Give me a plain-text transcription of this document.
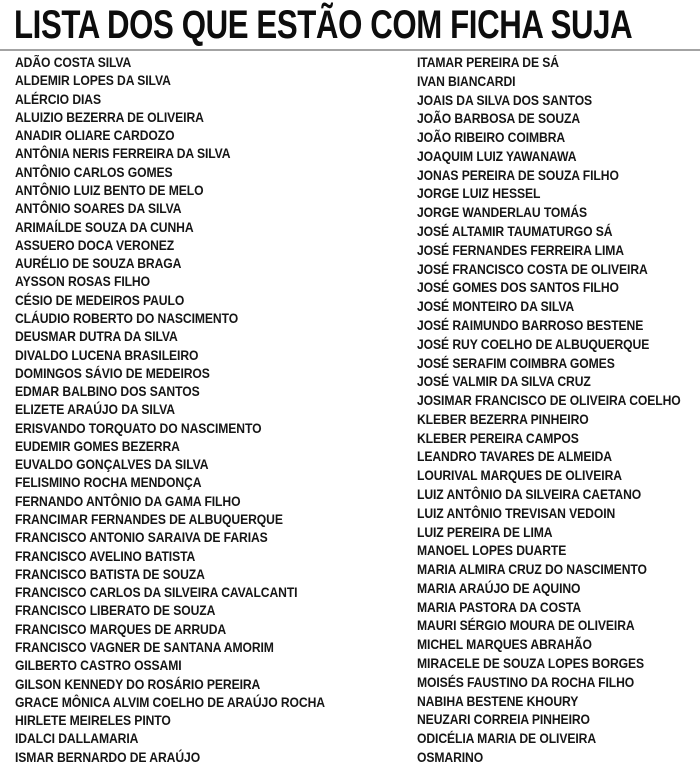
LISTA DOS QUE ESTÃO COM FICHA SUJA
ADÃO COSTA SILVA
ALDEMIR LOPES DA SILVA
ALÉRCIO DIAS
ALUIZIO BEZERRA DE OLIVEIRA
ANADIR OLIARE CARDOZO
ANTÔNIA NERIS FERREIRA DA SILVA
ANTÔNIO CARLOS GOMES
ANTÔNIO LUIZ BENTO DE MELO
ANTÔNIO SOARES DA SILVA
ARIMAÍLDE SOUZA DA CUNHA
ASSUERO DOCA VERONEZ
AURÉLIO DE SOUZA BRAGA
AYSSON ROSAS FILHO
CÉSIO DE MEDEIROS PAULO
CLÁUDIO ROBERTO DO NASCIMENTO
DEUSMAR DUTRA DA SILVA
DIVALDO LUCENA BRASILEIRO
DOMINGOS SÁVIO DE MEDEIROS
EDMAR BALBINO DOS SANTOS
ELIZETE ARAÚJO DA SILVA
ERISVANDO TORQUATO DO NASCIMENTO
EUDEMIR GOMES BEZERRA
EUVALDO GONÇALVES DA SILVA
FELISMINO ROCHA MENDONÇA
FERNANDO ANTÔNIO DA GAMA FILHO
FRANCIMAR FERNANDES DE ALBUQUERQUE
FRANCISCO ANTONIO SARAIVA DE FARIAS
FRANCISCO AVELINO BATISTA
FRANCISCO BATISTA DE SOUZA
FRANCISCO CARLOS DA SILVEIRA CAVALCANTI
FRANCISCO LIBERATO DE SOUZA
FRANCISCO MARQUES DE ARRUDA
FRANCISCO VAGNER DE SANTANA AMORIM
GILBERTO CASTRO OSSAMI
GILSON KENNEDY DO ROSÁRIO PEREIRA
GRACE MÔNICA ALVIM COELHO DE ARAÚJO ROCHA
HIRLETE MEIRELES PINTO
IDALCI DALLAMARIA
ISMAR BERNARDO DE ARAÚJO
ITAMAR PEREIRA DE SÁ
IVAN BIANCARDI
JOAIS DA SILVA DOS SANTOS
JOÃO BARBOSA DE SOUZA
JOÃO RIBEIRO COIMBRA
JOAQUIM LUIZ YAWANAWA
JONAS PEREIRA DE SOUZA FILHO
JORGE LUIZ HESSEL
JORGE WANDERLAU TOMÁS
JOSÉ ALTAMIR TAUMATURGO SÁ
JOSÉ FERNANDES FERREIRA LIMA
JOSÉ FRANCISCO COSTA DE OLIVEIRA
JOSÉ GOMES DOS SANTOS FILHO
JOSÉ MONTEIRO DA SILVA
JOSÉ RAIMUNDO BARROSO BESTENE
JOSÉ RUY COELHO DE ALBUQUERQUE
JOSÉ SERAFIM COIMBRA GOMES
JOSÉ VALMIR DA SILVA CRUZ
JOSIMAR FRANCISCO DE OLIVEIRA COELHO
KLEBER BEZERRA PINHEIRO
KLEBER PEREIRA CAMPOS
LEANDRO TAVARES DE ALMEIDA
LOURIVAL MARQUES DE OLIVEIRA
LUIZ ANTÔNIO DA SILVEIRA CAETANO
LUIZ ANTÔNIO TREVISAN VEDOIN
LUIZ PEREIRA DE LIMA
MANOEL LOPES DUARTE
MARIA ALMIRA CRUZ DO NASCIMENTO
MARIA ARAÚJO DE AQUINO
MARIA PASTORA DA COSTA
MAURI SÉRGIO MOURA DE OLIVEIRA
MICHEL MARQUES ABRAHÃO
MIRACELE DE SOUZA LOPES BORGES
MOISÉS FAUSTINO DA ROCHA FILHO
NABIHA BESTENE KHOURY
NEUZARI CORREIA PINHEIRO
ODICÉLIA MARIA DE OLIVEIRA
OSMARINO
